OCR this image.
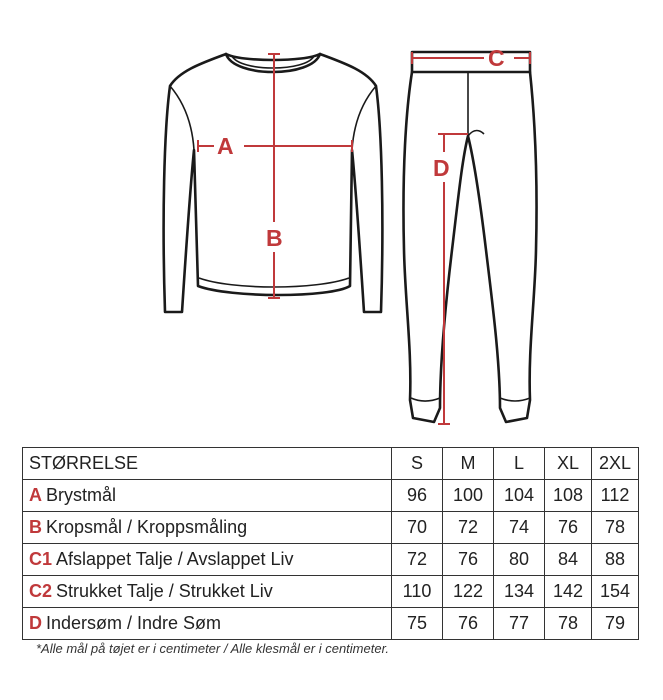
A
B
C
D
STØRRELSE	S	M	L	XL	2XL
A Brystmål	96	100	104	108	112
B Kropsmål / Kroppsmåling	70	72	74	76	78
C1 Afslappet Talje / Avslappet Liv	72	76	80	84	88
C2 Strukket Talje / Strukket Liv	110	122	134	142	154
D Indersøm / Indre Søm	75	76	77	78	79
*Alle mål på tøjet er i centimeter / Alle klesmål er i centimeter.
